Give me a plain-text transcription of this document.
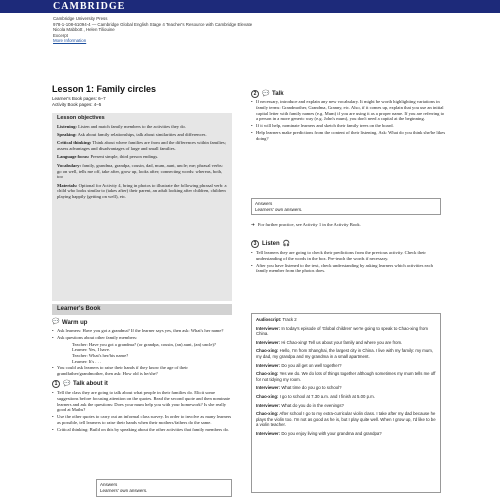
CAMBRIDGE
Cambridge University Press
978-1-108-61094-4 — Cambridge Global English Stage 4 Teacher's Resource with Cambridge Elevate
Nicola Mabbott , Helen Tiliouine
Excerpt
More Information
Lesson 1: Family circles
Learner's Book pages: 6–7
Activity Book pages: 4–5
Lesson objectives

Listening: Listen and match family members to the activities they do.

Speaking: Ask about family relationships, talk about similarities and differences.

Critical thinking: Think about where families are from and the differences within families; assess advantages and disadvantages of large and small families.

Language focus: Present simple, third person endings.

Vocabulary: family, grandma, grandpa, cousin, dad, mum, aunt, uncle; me; phrasal verbs: go on well, tells me off, take after, grow up, looks after; connecting words: whereas, both, too

Materials: Optional for Activity 4, bring in photos to illustrate the following phrasal verb: a child who looks similar to (takes after) their parent, an adult looking after children, children playing happily (getting on well), etc.

Learner's Book
💬 Warm up
• Ask learners: Have you got a grandma? If the learner says yes, then ask: What's her name?
• Ask questions about other family members:
Teacher: Have you got a grandma? (or grandpa, cousin, (an) aunt, (an) uncle)?
Learner: Yes, I have.
Teacher: What's her/his name?
Learner: It's . . .
• You could ask learners to raise their hands if they know the age of their grandfather/grandmother, then ask: How old is he/she?
1 💬 Talk about it
• Tell the class they are going to talk about what people in their families do. Elicit some suggestions before focusing attention on the quotes. Read the second quote and then nominate learners and ask the questions: Does your mum help you with your homework? Is she really good at Maths?
• Use the other quotes to carry out an informal class survey. In order to involve as many learners as possible, tell learners to raise their hands when their mothers/fathers do the same.
• Critical thinking: Build on this by speaking about the other activities that family members do.
Answers
Learners' own answers.
2 💬 Talk
• If necessary, introduce and explain any new vocabulary. It might be worth highlighting variations in family terms: Grandmother, Grandma, Granny, etc. Also, if it comes up, explain that you use an initial capital letter with family names (e.g. Mum) if you are using it as a proper name. If you are referring to a person in a more generic way (e.g. John's mum), you don't need a capital at the beginning.
• If it will help, nominate learners and sketch their family trees on the board.
• Help learners make predictions from the content of their listening. Ask: What do you think she/he likes doing?
Answers
Learners' own answers.
➔ For further practice, see Activity 1 in the Activity Book.
3 Listen 🎧
• Tell learners they are going to check their predictions from the previous activity. Check their understanding of the words in the box. Pre-teach the words if necessary.
• After you have listened to the text, check understanding by asking learners which activities each family member from the photos does.
Audioscript: Track 2
Interviewer: In today's episode of 'Global children' we're going to speak to Chao-xing from China.
Interviewer: Hi Chao-xing! Tell us about your family and where you are from.
Chao-xing: Hello, I'm from Shanghai, the largest city in China. I live with my family: my mum, my dad, my grandpa and my grandma in a small apartment.
Interviewer: Do you all get on well together?
Chao-xing: Yes we do. We do lots of things together although sometimes my mum tells me off for not tidying my room.
Interviewer: What time do you go to school?
Chao-xing: I go to school at 7.30 a.m. and I finish at 5.00 p.m.
Interviewer: What do you do in the evenings?
Chao-xing: After school I go to my extra-curricular violin class. I take after my dad because he plays the violin too. I'm not as good as he is, but I play quite well. When I grow up, I'd like to be a violin teacher.
Interviewer: Do you enjoy living with your grandma and grandpa?
